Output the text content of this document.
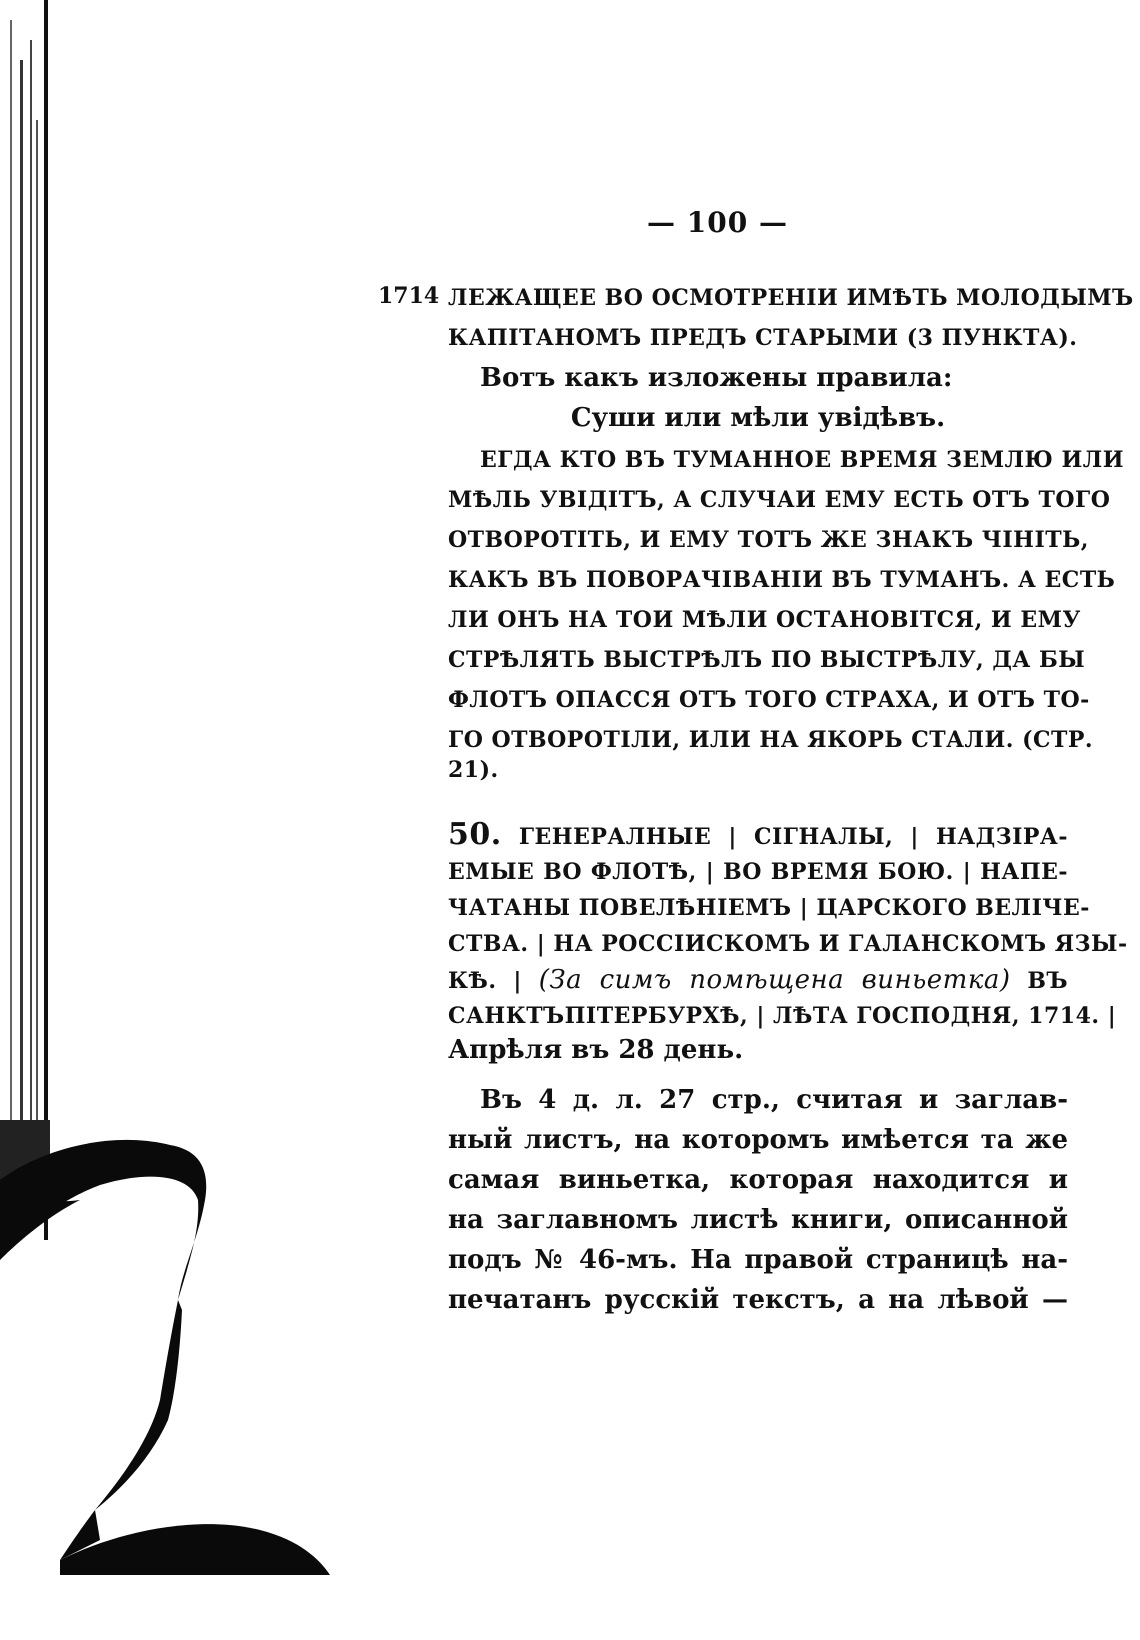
— 100 —
1714 ЛЕЖАЩЕЕ ВО ОСМОТРЕНIИ ИМѢТЬ МОЛОДЫМЪ
КАПIТАНОМЪ ПРЕДЪ СТАРЫМИ (3 ПУНКТА).
Вотъ какъ изложены правила:
Суши или мѣли увiдѣвъ.
ЕГДА КТО ВЪ ТУМАННОЕ ВРЕМЯ ЗЕМЛЮ ИЛИ
МѢЛЬ УВIДIТЪ, А СЛУЧАИ ЕМУ ЕСТЬ ОТЪ ТОГО
ОТВОРОТIТЬ, И ЕМУ ТОТЪ ЖЕ ЗНАКЪ ЧIНIТЬ,
КАКЪ ВЪ ПОВОРАЧIВАНIИ ВЪ ТУМАНЪ. А ЕСТЬ
ЛИ ОНЪ НА ТОИ МѢЛИ ОСТАНОВIТСЯ, И ЕМУ
СТРѢЛЯТЬ ВЫСТРѢЛЪ ПО ВЫСТРѢЛУ, ДА БЫ
ФЛОТЪ ОПАССЯ ОТЪ ТОГО СТРАХА, И ОТЪ ТО-
ГО ОТВОРОТIЛИ, ИЛИ НА ЯКОРЬ СТАЛИ. (СТР.
21).
50. ГЕНЕРАЛНЫЕ | СIГНАЛЫ, | НАДЗIРА-
ЕМЫЕ ВО ФЛОТѢ, | ВО ВРЕМЯ БОЮ. | НАПЕ-
ЧАТАНЫ ПОВЕЛѢНIЕМЪ | ЦАРСКОГО ВЕЛIЧЕ-
СТВА. | НА РОССIИСКОМЪ И ГАЛАНСКОМЪ ЯЗЫ-
КѢ. | (За симъ помѣщена виньетка) ВЪ
САНКТЪПIТЕРБУРХѢ, | ЛѢТА ГОСПОДНЯ, 1714. |
Апрѣля въ 28 день.
Въ 4 д. л. 27 стр., считая и заглав-
ный листъ, на которомъ имѣется та же
самая виньетка, которая находится и
на заглавномъ листѣ книги, описанной
подъ № 46-мъ. На правой страницѣ на-
печатанъ русскiй текстъ, а на лѣвой —
